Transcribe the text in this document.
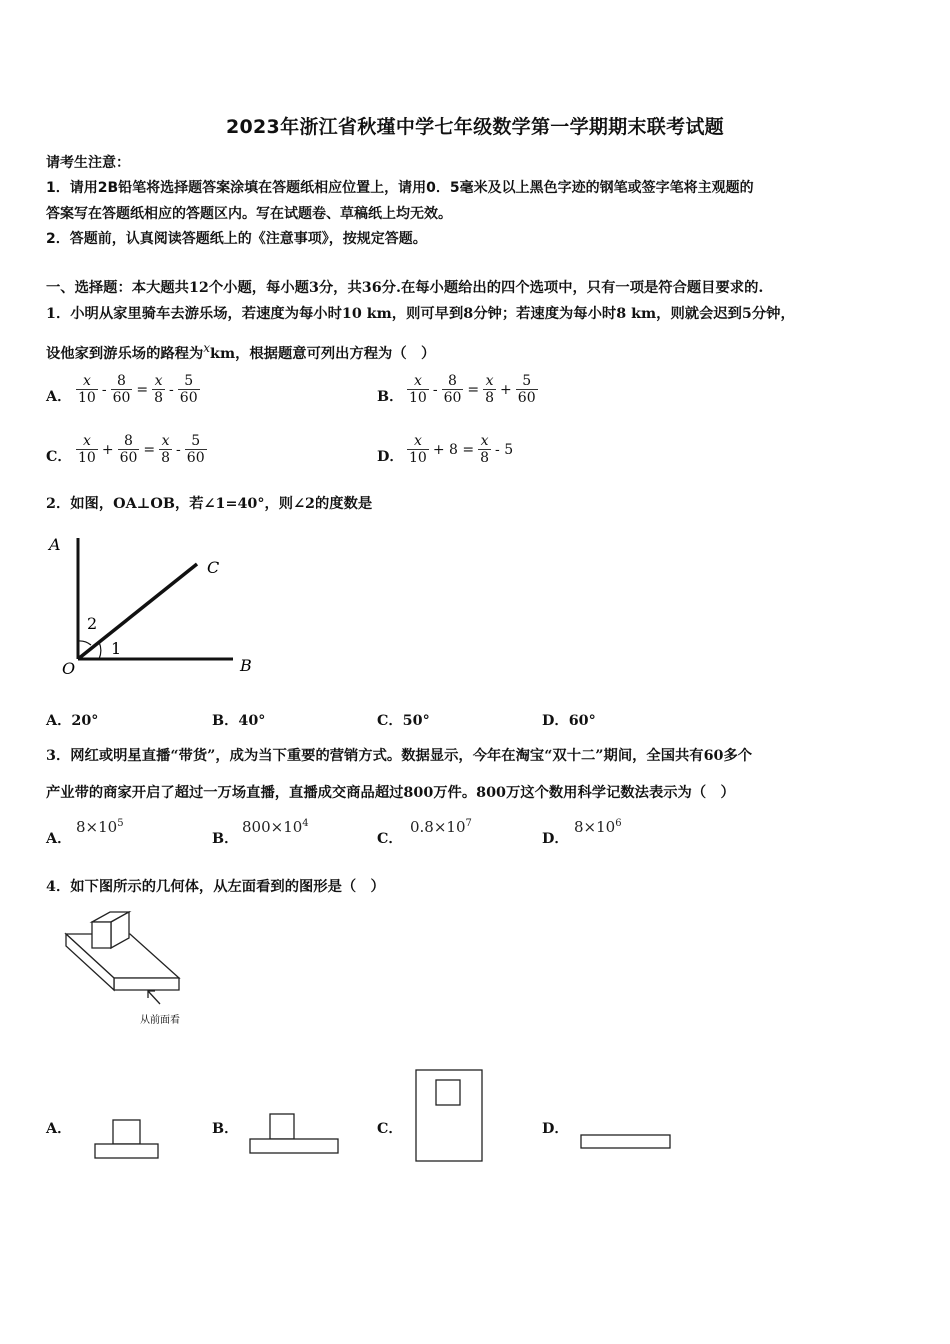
2023年浙江省秋瑾中学七年级数学第一学期期末联考试题
请考生注意：
1．请用2B铅笔将选择题答案涂填在答题纸相应位置上，请用0．5毫米及以上黑色字迹的钢笔或签字笔将主观题的
答案写在答题纸相应的答题区内。写在试题卷、草稿纸上均无效。
2．答题前，认真阅读答题纸上的《注意事项》，按规定答题。
一、选择题：本大题共12个小题，每小题3分，共36分.在每小题给出的四个选项中，只有一项是符合题目要求的.
1．小明从家里骑车去游乐场，若速度为每小时10 km，则可早到8分钟；若速度为每小时8 km，则就会迟到5分钟，
设他家到游乐场的路程为$^x$km，根据题意可列出方程为（　）
A． $\frac{x}{10} - \frac{8}{60} = \frac{x}{8} - \frac{5}{60}$	B． $\frac{x}{10} - \frac{8}{60} = \frac{x}{8} + \frac{5}{60}$
C． $\frac{x}{10} + \frac{8}{60} = \frac{x}{8} - \frac{5}{60}$	D． $\frac{x}{10} + 8 = \frac{x}{8} - 5$
2．如图，OA⊥OB，若∠1=40°，则∠2的度数是
A
C
B
O
1
2
A．20°	B．40°	C．50°	D．60°
3．网红或明星直播“带货”，成为当下重要的营销方式。数据显示，今年在淘宝“双十二”期间，全国共有60多个
产业带的商家开启了超过一万场直播，直播成交商品超过800万件。800万这个数用科学记数法表示为（　）
A．
$8\times 10^5$
B．
$800\times 10^4$
C．
$0.8\times 10^7$
D．
$8\times 10^6$
4．如下图所示的几何体，从左面看到的图形是（　）
从前面看
A．	B．	C．	D．
